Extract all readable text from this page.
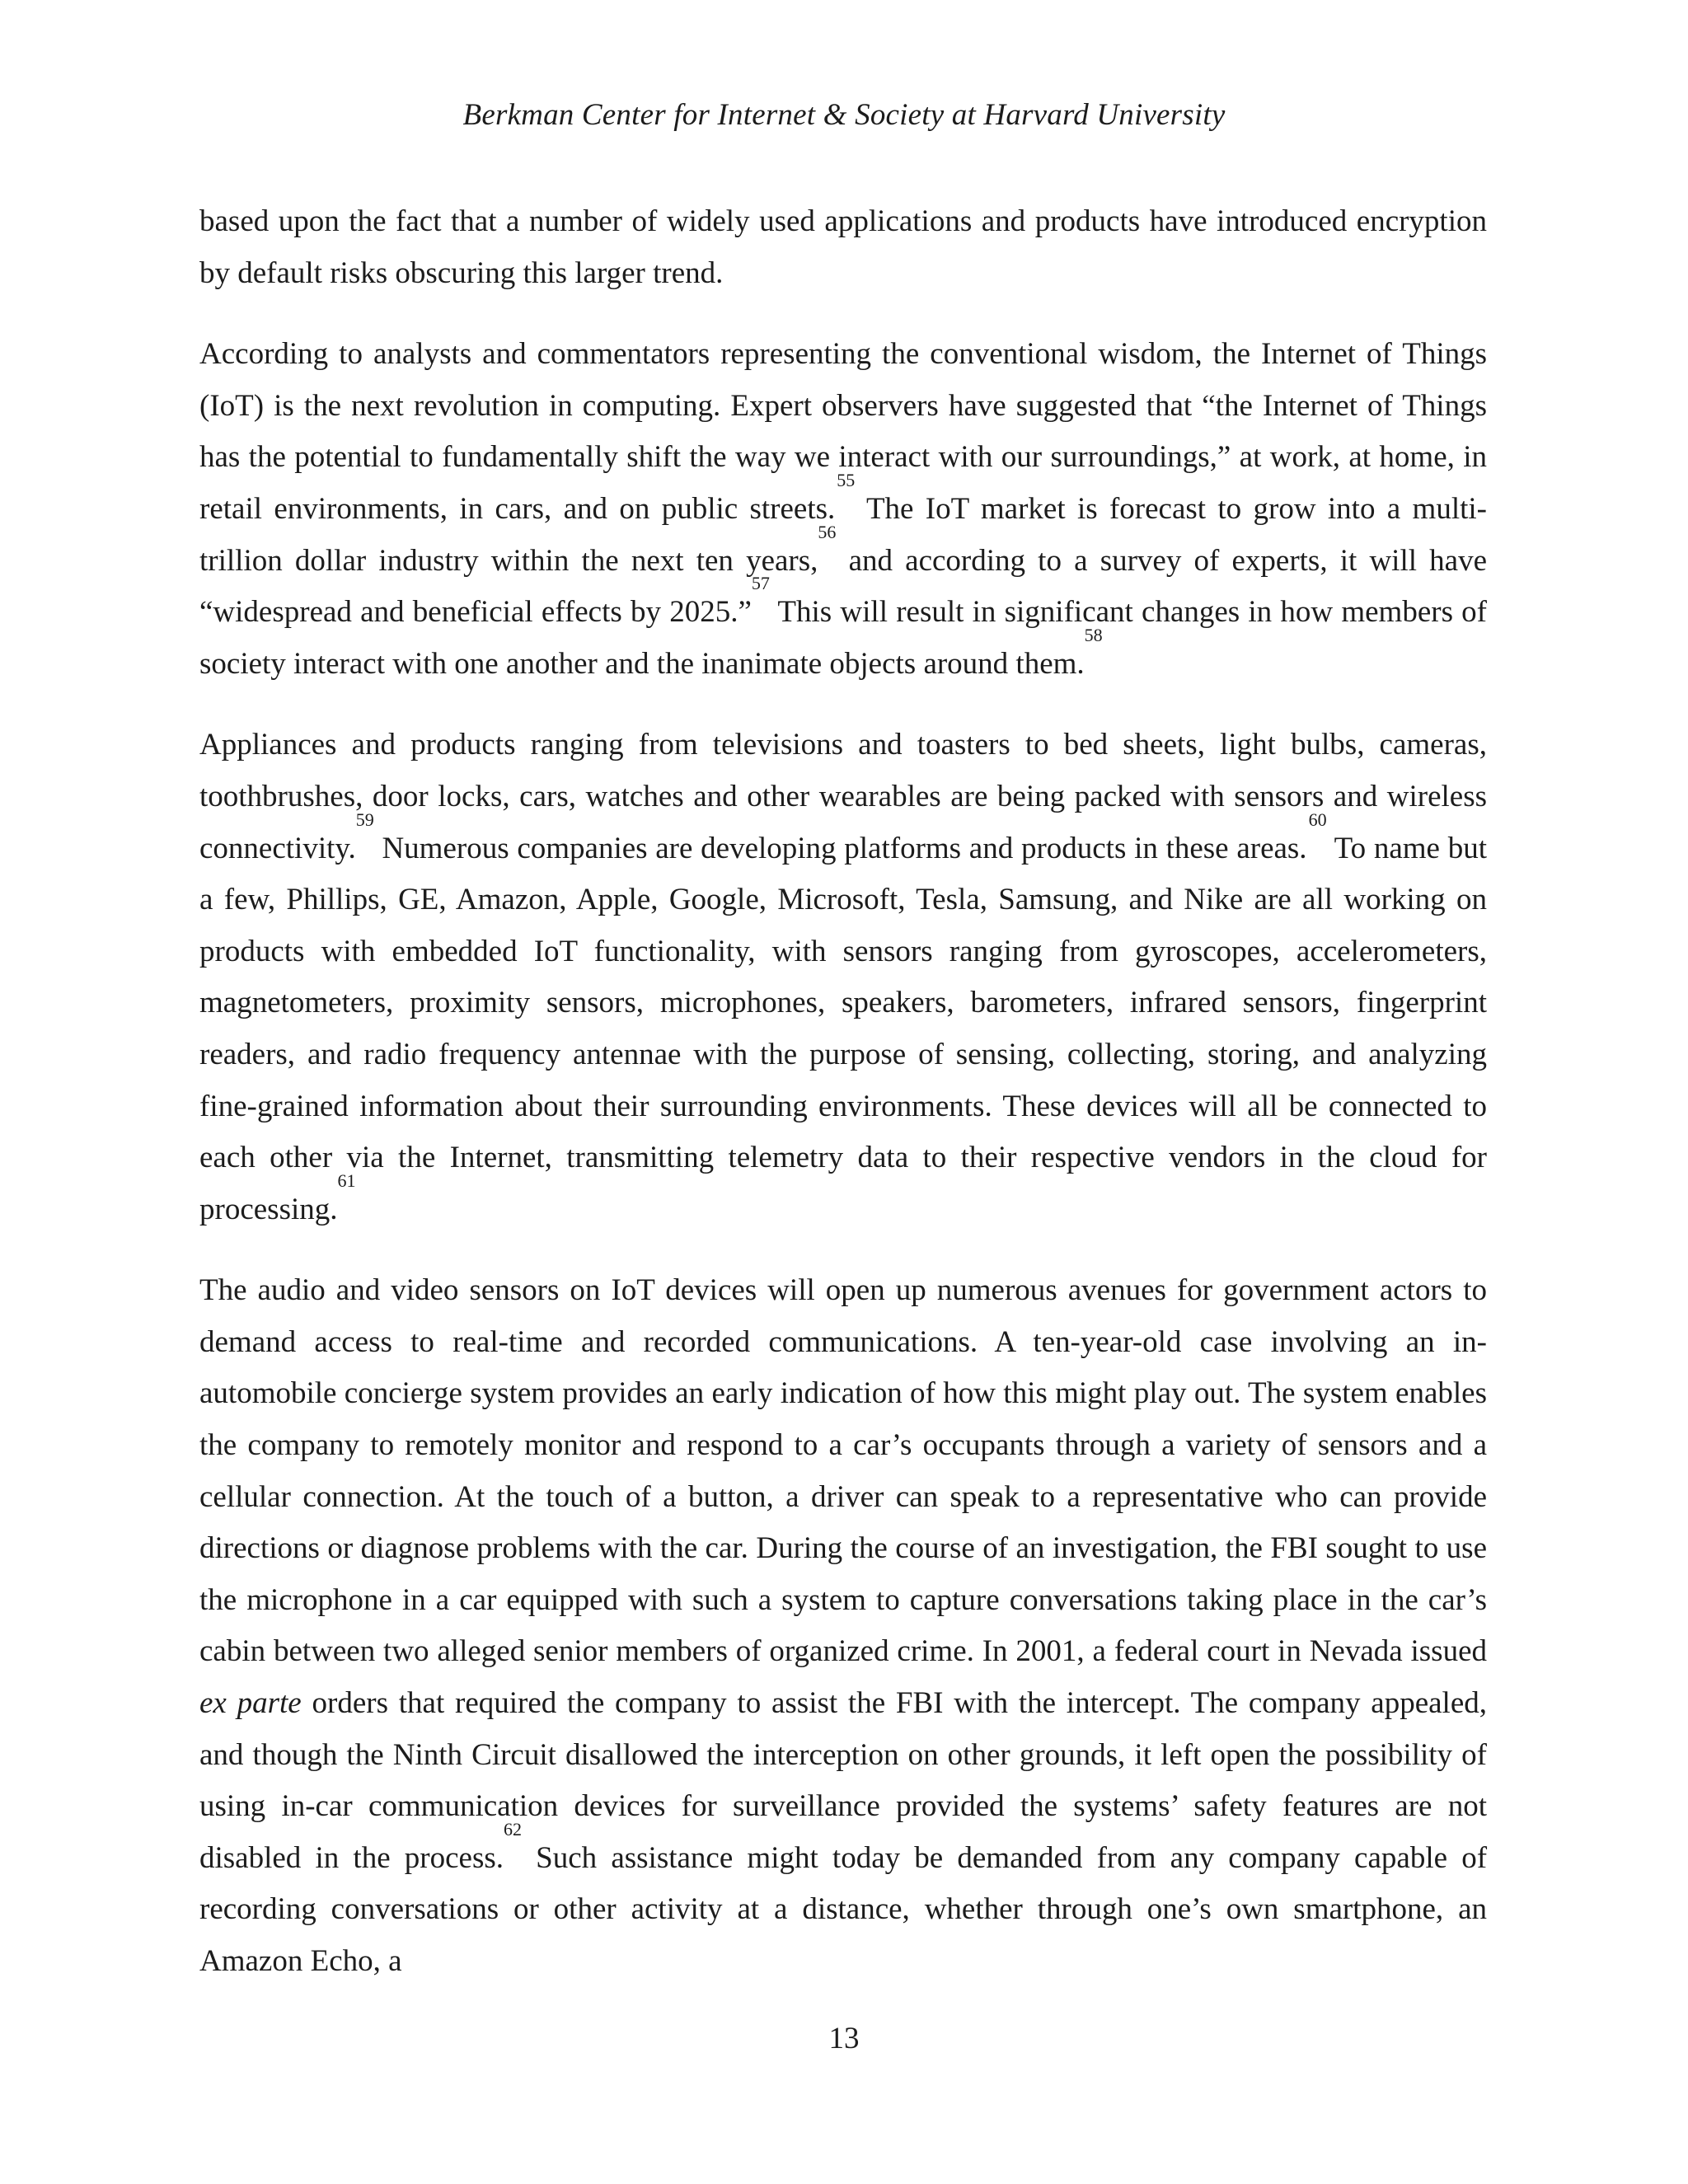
Berkman Center for Internet & Society at Harvard University

based upon the fact that a number of widely used applications and products have introduced encryption by default risks obscuring this larger trend.

According to analysts and commentators representing the conventional wisdom, the Internet of Things (IoT) is the next revolution in computing. Expert observers have suggested that “the Internet of Things has the potential to fundamentally shift the way we interact with our surroundings,” at work, at home, in retail environments, in cars, and on public streets.$^{55}$ The IoT market is forecast to grow into a multi-trillion dollar industry within the next ten years,$^{56}$ and according to a survey of experts, it will have “widespread and beneficial effects by 2025.”$^{57}$ This will result in significant changes in how members of society interact with one another and the inanimate objects around them.$^{58}$

Appliances and products ranging from televisions and toasters to bed sheets, light bulbs, cameras, toothbrushes, door locks, cars, watches and other wearables are being packed with sensors and wireless connectivity.$^{59}$ Numerous companies are developing platforms and products in these areas.$^{60}$ To name but a few, Phillips, GE, Amazon, Apple, Google, Microsoft, Tesla, Samsung, and Nike are all working on products with embedded IoT functionality, with sensors ranging from gyroscopes, accelerometers, magnetometers, proximity sensors, microphones, speakers, barometers, infrared sensors, fingerprint readers, and radio frequency antennae with the purpose of sensing, collecting, storing, and analyzing fine-grained information about their surrounding environments. These devices will all be connected to each other via the Internet, transmitting telemetry data to their respective vendors in the cloud for processing.$^{61}$

The audio and video sensors on IoT devices will open up numerous avenues for government actors to demand access to real-time and recorded communications. A ten-year-old case involving an in-automobile concierge system provides an early indication of how this might play out. The system enables the company to remotely monitor and respond to a car’s occupants through a variety of sensors and a cellular connection. At the touch of a button, a driver can speak to a representative who can provide directions or diagnose problems with the car. During the course of an investigation, the FBI sought to use the microphone in a car equipped with such a system to capture conversations taking place in the car’s cabin between two alleged senior members of organized crime. In 2001, a federal court in Nevada issued ex parte orders that required the company to assist the FBI with the intercept. The company appealed, and though the Ninth Circuit disallowed the interception on other grounds, it left open the possibility of using in-car communication devices for surveillance provided the systems’ safety features are not disabled in the process.$^{62}$ Such assistance might today be demanded from any company capable of recording conversations or other activity at a distance, whether through one’s own smartphone, an Amazon Echo, a

13
